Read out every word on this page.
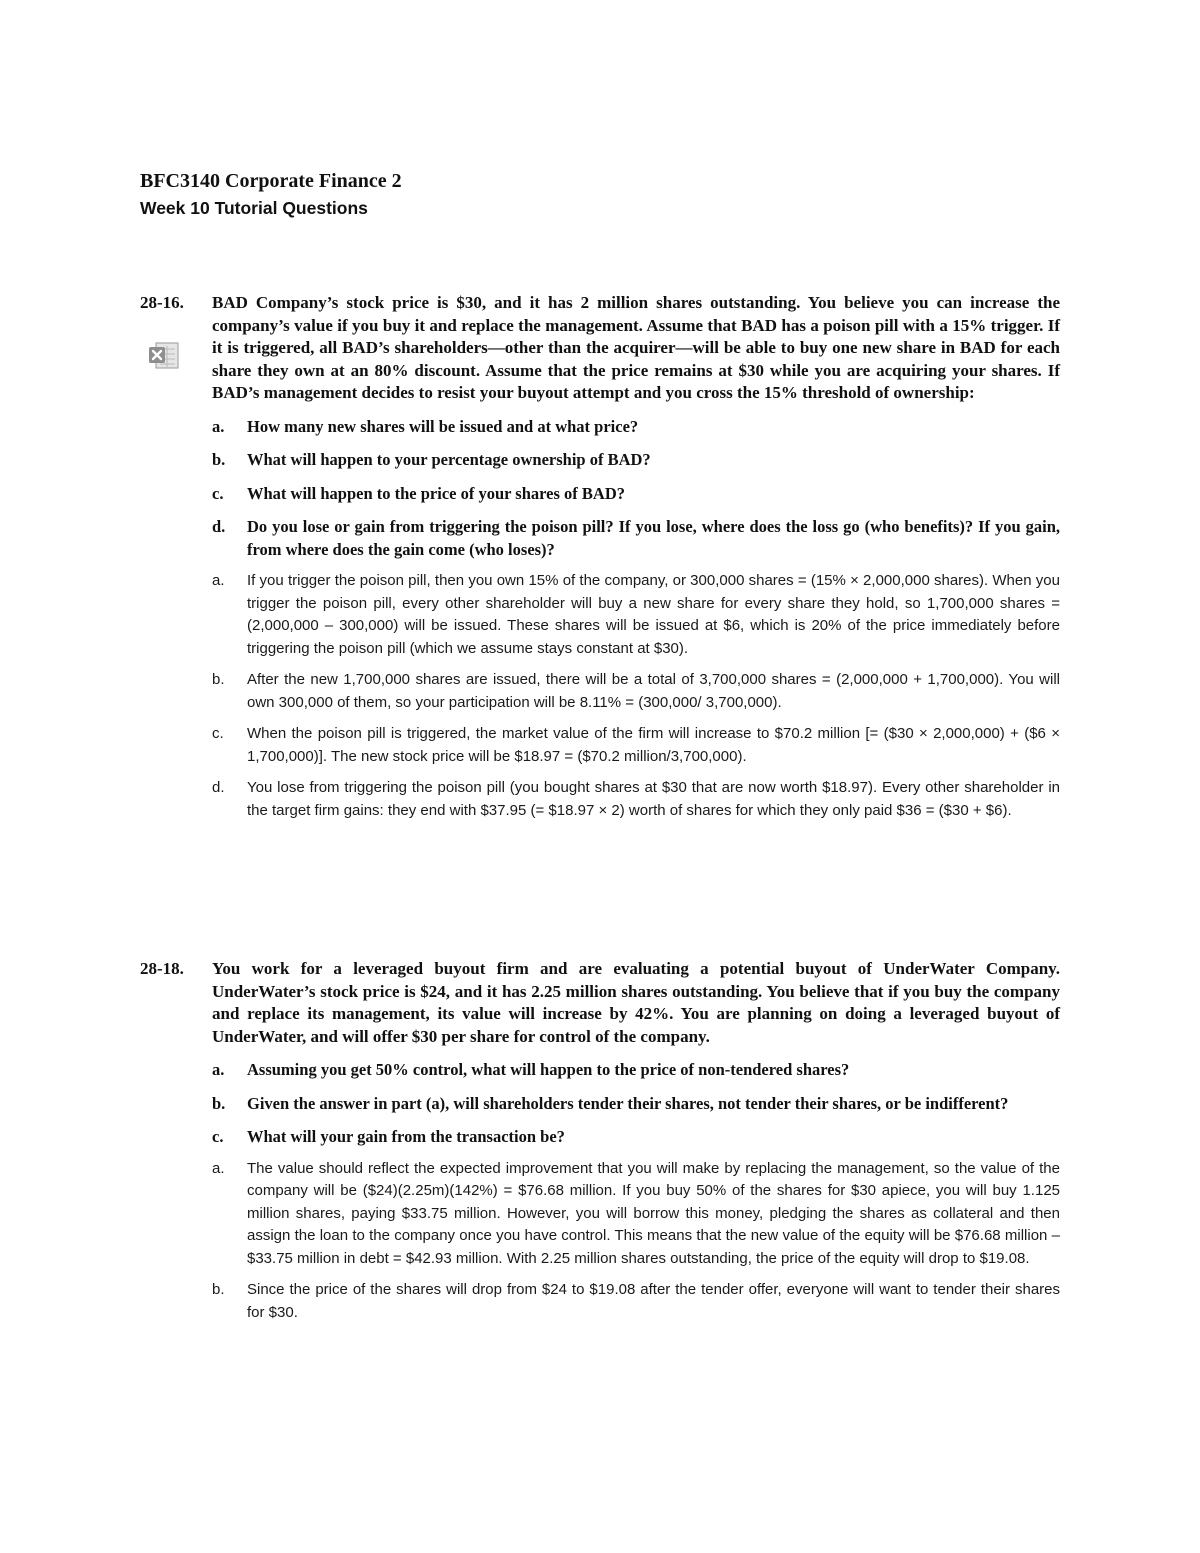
BFC3140 Corporate Finance 2
Week 10 Tutorial Questions
28-16. BAD Company’s stock price is $30, and it has 2 million shares outstanding. You believe you can increase the company’s value if you buy it and replace the management. Assume that BAD has a poison pill with a 15% trigger. If it is triggered, all BAD’s shareholders—other than the acquirer—will be able to buy one new share in BAD for each share they own at an 80% discount. Assume that the price remains at $30 while you are acquiring your shares. If BAD’s management decides to resist your buyout attempt and you cross the 15% threshold of ownership:

a. How many new shares will be issued and at what price?
b. What will happen to your percentage ownership of BAD?
c. What will happen to the price of your shares of BAD?
d. Do you lose or gain from triggering the poison pill? If you lose, where does the loss go (who benefits)? If you gain, from where does the gain come (who loses)?
a. If you trigger the poison pill, then you own 15% of the company, or 300,000 shares = (15% × 2,000,000 shares). When you trigger the poison pill, every other shareholder will buy a new share for every share they hold, so 1,700,000 shares = (2,000,000 – 300,000) will be issued. These shares will be issued at $6, which is 20% of the price immediately before triggering the poison pill (which we assume stays constant at $30).
b. After the new 1,700,000 shares are issued, there will be a total of 3,700,000 shares = (2,000,000 + 1,700,000). You will own 300,000 of them, so your participation will be 8.11% = (300,000/ 3,700,000).
c. When the poison pill is triggered, the market value of the firm will increase to $70.2 million [= ($30 × 2,000,000) + ($6 × 1,700,000)]. The new stock price will be $18.97 = ($70.2 million/3,700,000).
d. You lose from triggering the poison pill (you bought shares at $30 that are now worth $18.97). Every other shareholder in the target firm gains: they end with $37.95 (= $18.97 × 2) worth of shares for which they only paid $36 = ($30 + $6).
28-18. You work for a leveraged buyout firm and are evaluating a potential buyout of UnderWater Company. UnderWater’s stock price is $24, and it has 2.25 million shares outstanding. You believe that if you buy the company and replace its management, its value will increase by 42%. You are planning on doing a leveraged buyout of UnderWater, and will offer $30 per share for control of the company.

a. Assuming you get 50% control, what will happen to the price of non-tendered shares?
b. Given the answer in part (a), will shareholders tender their shares, not tender their shares, or be indifferent?
c. What will your gain from the transaction be?
a. The value should reflect the expected improvement that you will make by replacing the management, so the value of the company will be ($24)(2.25m)(142%) = $76.68 million. If you buy 50% of the shares for $30 apiece, you will buy 1.125 million shares, paying $33.75 million. However, you will borrow this money, pledging the shares as collateral and then assign the loan to the company once you have control. This means that the new value of the equity will be $76.68 million – $33.75 million in debt = $42.93 million. With 2.25 million shares outstanding, the price of the equity will drop to $19.08.
b. Since the price of the shares will drop from $24 to $19.08 after the tender offer, everyone will want to tender their shares for $30.
